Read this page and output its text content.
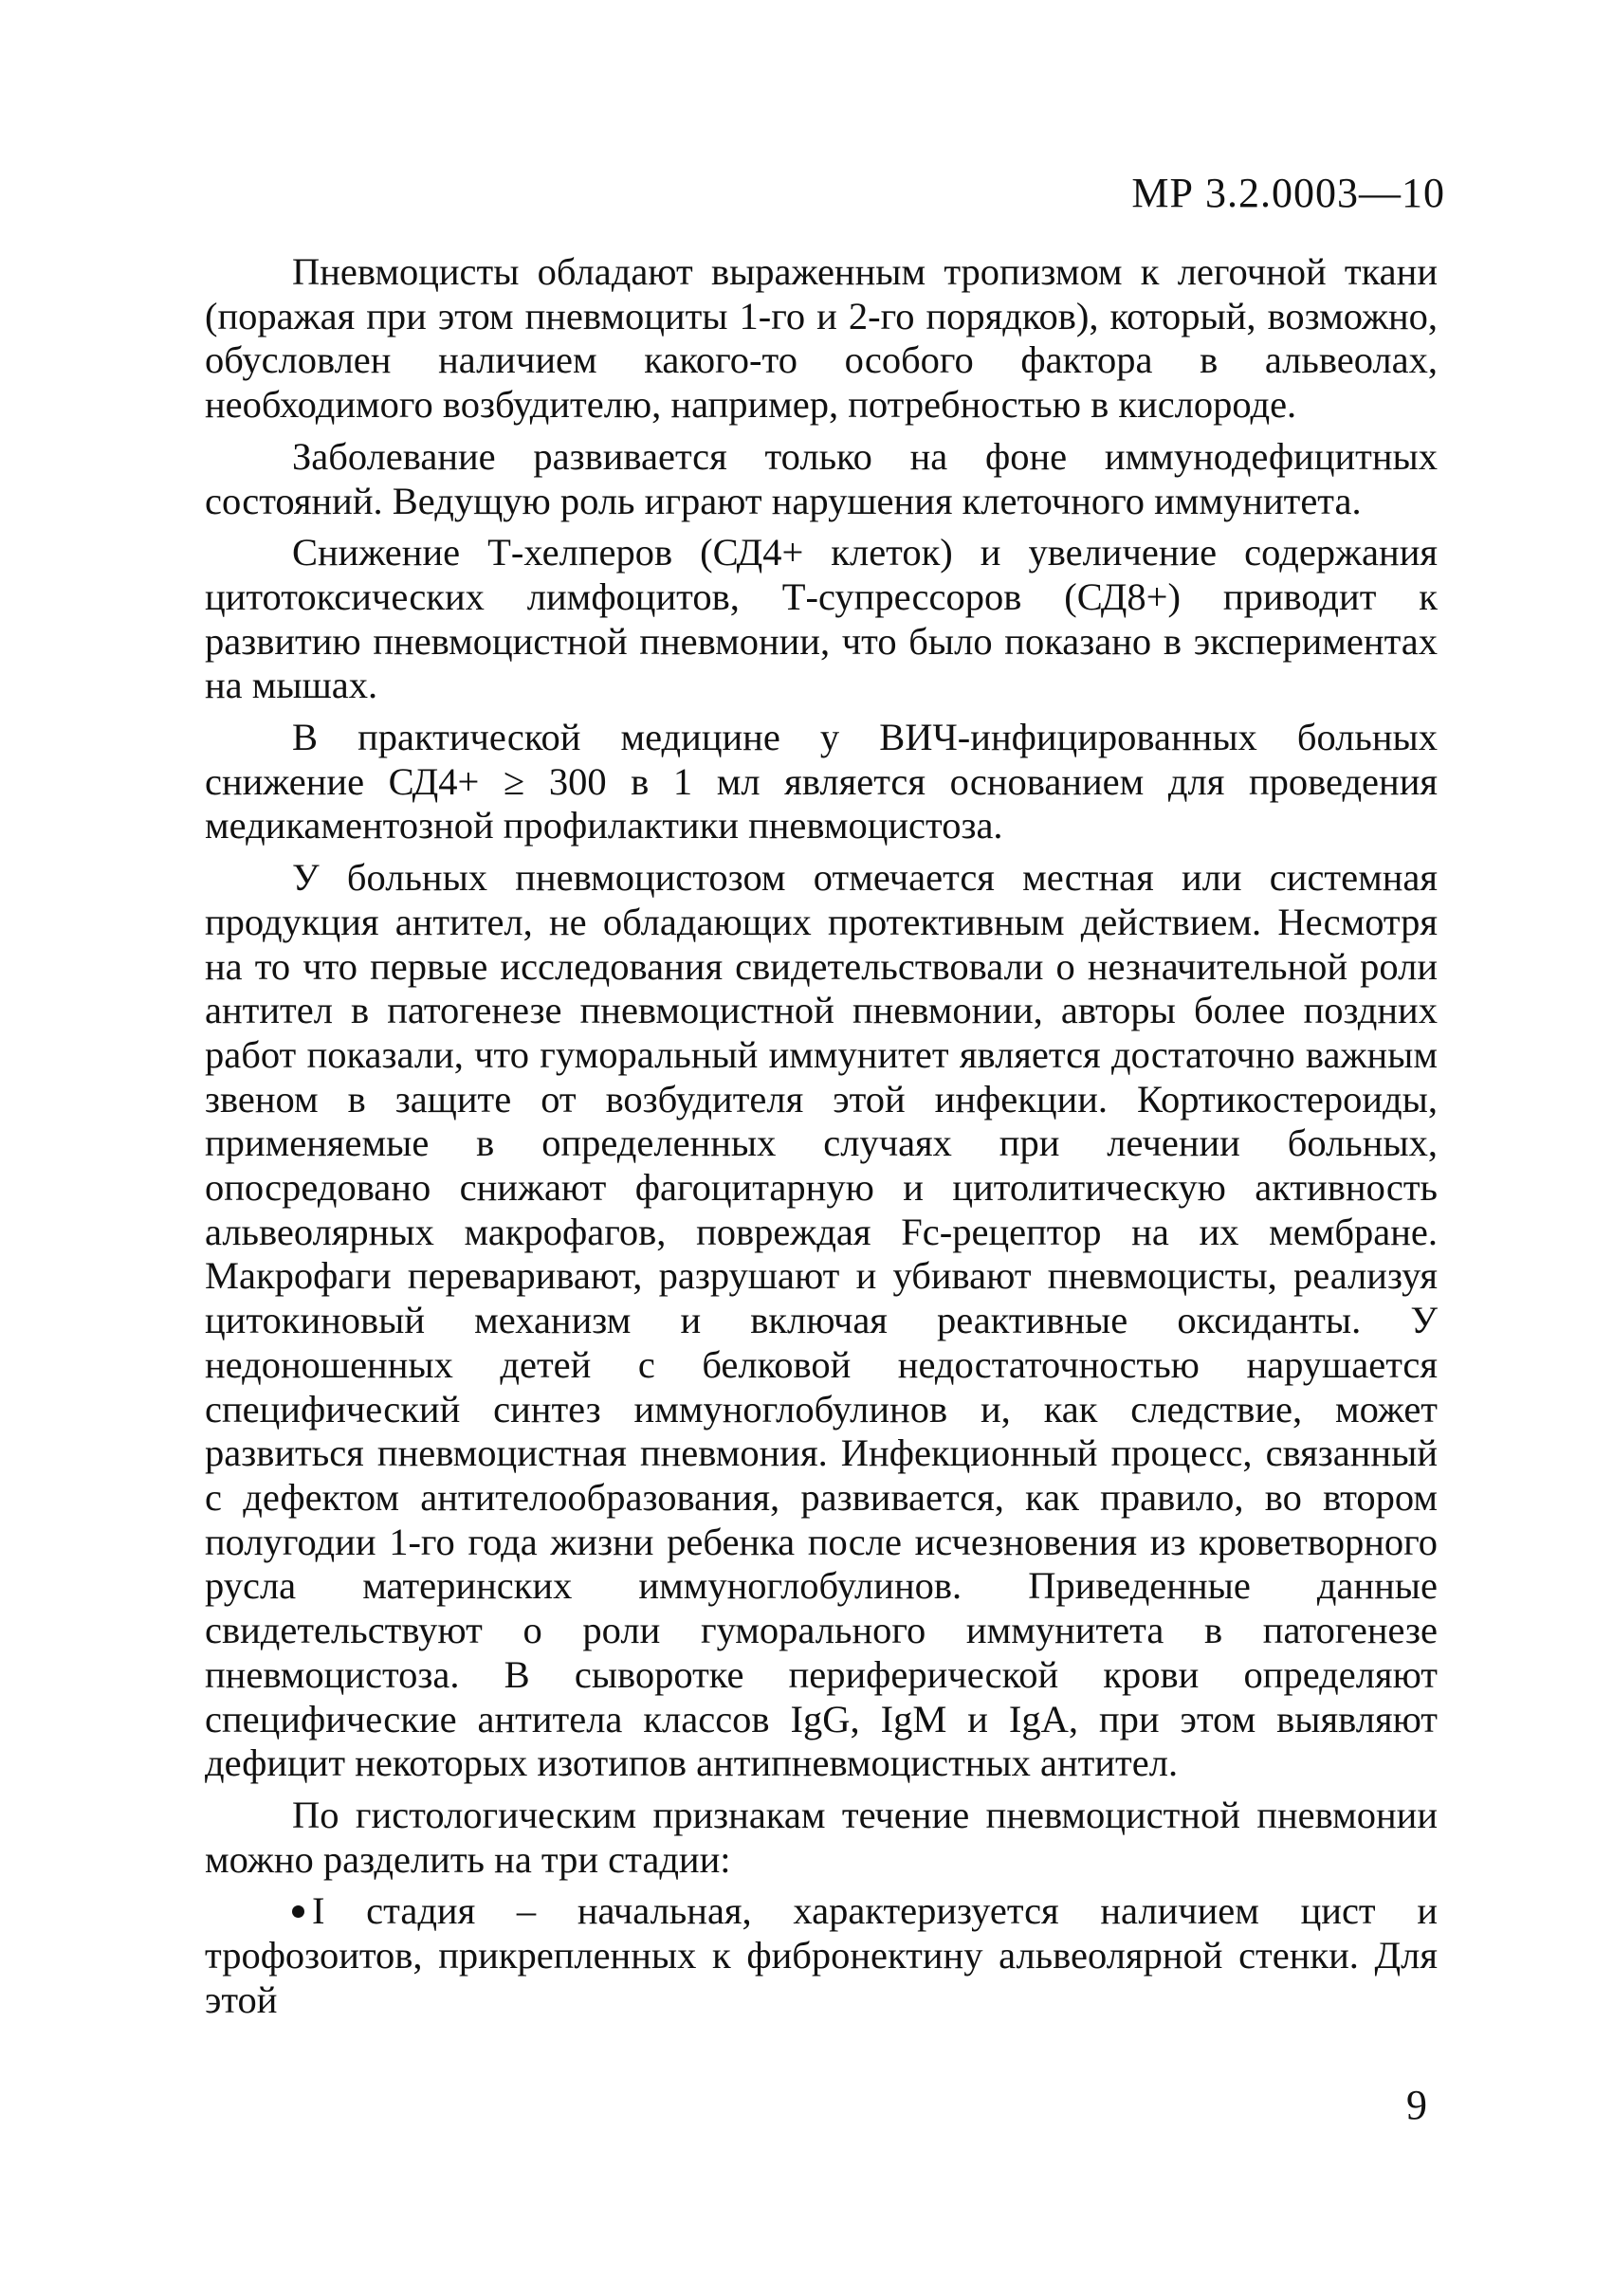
МР 3.2.0003—10

Пневмоцисты обладают выраженным тропизмом к легочной ткани (поражая при этом пневмоциты 1-го и 2-го порядков), который, возможно, обусловлен наличием какого-то особого фактора в альвеолах, необходимого возбудителю, например, потребностью в кислороде.

Заболевание развивается только на фоне иммунодефицитных состояний. Ведущую роль играют нарушения клеточного иммунитета.

Снижение Т-хелперов (СД4+ клеток) и увеличение содержания цитотоксических лимфоцитов, Т-супрессоров (СД8+) приводит к развитию пневмоцистной пневмонии, что было показано в экспериментах на мышах.

В практической медицине у ВИЧ-инфицированных больных снижение СД4+ ≥ 300 в 1 мл является основанием для проведения медикаментозной профилактики пневмоцистоза.

У больных пневмоцистозом отмечается местная или системная продукция антител, не обладающих протективным действием. Несмотря на то что первые исследования свидетельствовали о незначительной роли антител в патогенезе пневмоцистной пневмонии, авторы более поздних работ показали, что гуморальный иммунитет является достаточно важным звеном в защите от возбудителя этой инфекции. Кортикостероиды, применяемые в определенных случаях при лечении больных, опосредовано снижают фагоцитарную и цитолитическую активность альвеолярных макрофагов, повреждая Fc-рецептор на их мембране. Макрофаги переваривают, разрушают и убивают пневмоцисты, реализуя цитокиновый механизм и включая реактивные оксиданты. У недоношенных детей с белковой недостаточностью нарушается специфический синтез иммуноглобулинов и, как следствие, может развиться пневмоцистная пневмония. Инфекционный процесс, связанный с дефектом антителообразования, развивается, как правило, во втором полугодии 1-го года жизни ребенка после исчезновения из кроветворного русла материнских иммуноглобулинов. Приведенные данные свидетельствуют о роли гуморального иммунитета в патогенезе пневмоцистоза. В сыворотке периферической крови определяют специфические антитела классов IgG, IgM и IgA, при этом выявляют дефицит некоторых изотипов антипневмоцистных антител.

По гистологическим признакам течение пневмоцистной пневмонии можно разделить на три стадии:

I стадия – начальная, характеризуется наличием цист и трофозоитов, прикрепленных к фибронектину альвеолярной стенки. Для этой
9
